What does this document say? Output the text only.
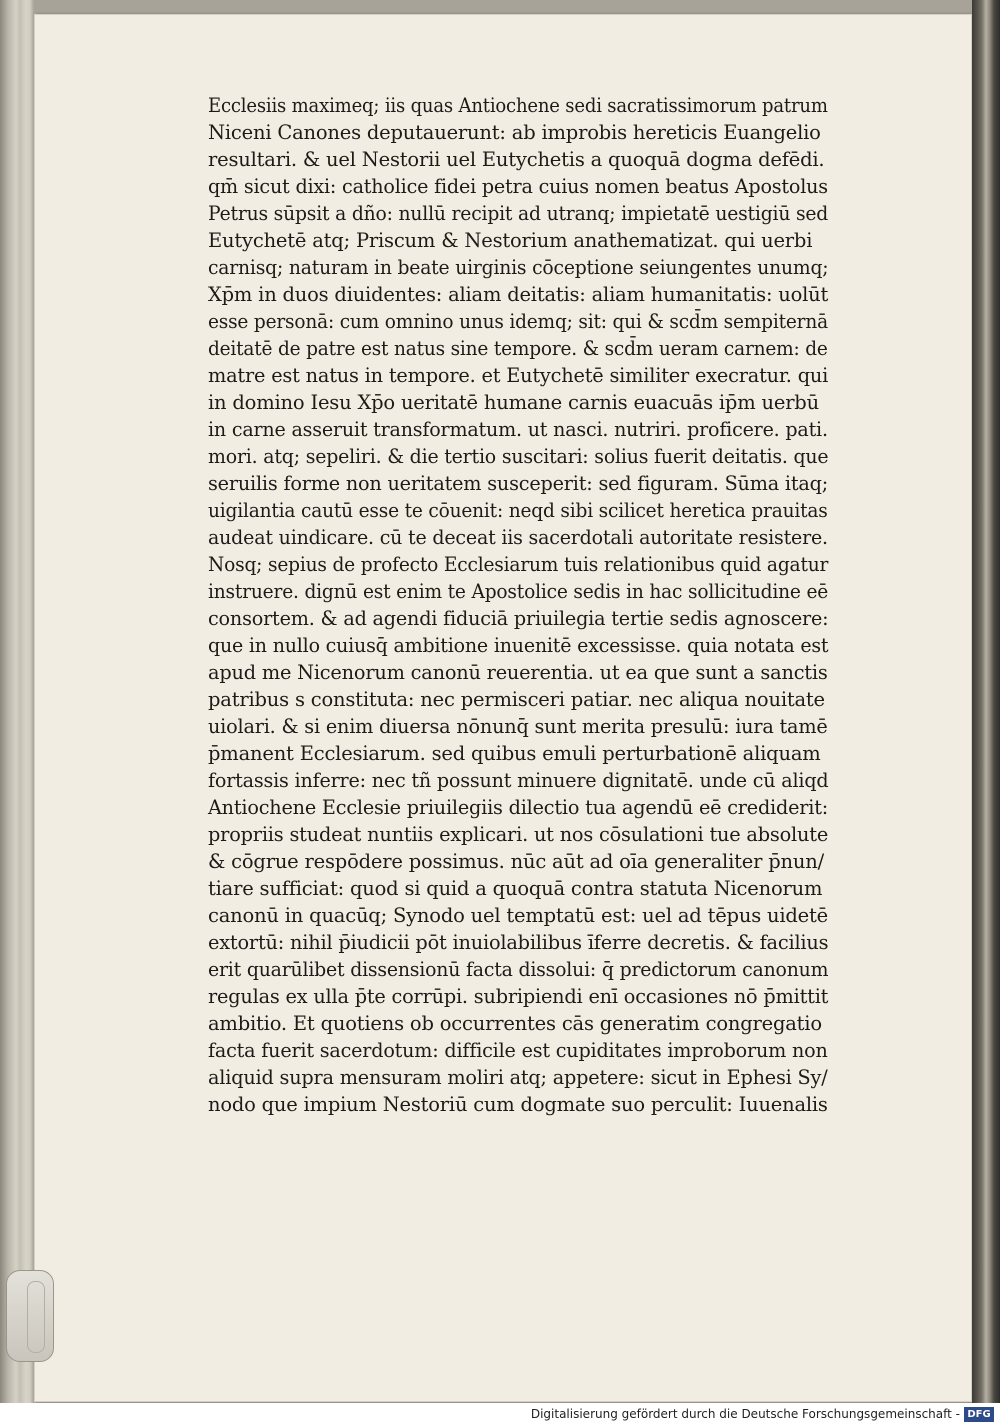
Ecclesiis maximeq; iis quas Antiochene sedi sacratissimorum patrum
Niceni Canones deputauerunt: ab improbis hereticis Euangelio
resultari. & uel Nestorii uel Eutychetis a quoquā dogma defēdi.
qm̄ sicut dixi: catholice fidei petra cuius nomen beatus Apostolus
Petrus sūpsit a dño: nullū recipit ad utranq; impietatē uestigiū sed
Eutychetē atq; Priscum & Nestorium anathematizat. qui uerbi
carnisq; naturam in beate uirginis cōceptione seiungentes unumq;
Xp̄m in duos diuidentes: aliam deitatis: aliam humanitatis: uolūt
esse personā: cum omnino unus idemq; sit: qui & scd̄m sempiternā
deitatē de patre est natus sine tempore. & scd̄m ueram carnem: de
matre est natus in tempore. et Eutychetē similiter execratur. qui
in domino Iesu Xp̄o ueritatē humane carnis euacuās ip̄m uerbū
in carne asseruit transformatum. ut nasci. nutriri. proficere. pati.
mori. atq; sepeliri. & die tertio suscitari: solius fuerit deitatis. que
seruilis forme non ueritatem susceperit: sed figuram. Sūma itaq;
uigilantia cautū esse te cōuenit: neqd sibi scilicet heretica prauitas
audeat uindicare. cū te deceat iis sacerdotali autoritate resistere.
Nosq; sepius de profecto Ecclesiarum tuis relationibus quid agatur
instruere. dignū est enim te Apostolice sedis in hac sollicitudine eē
consortem. & ad agendi fiduciā priuilegia tertie sedis agnoscere:
que in nullo cuiusq̄ ambitione inuenitē excessisse. quia notata est
apud me Nicenorum canonū reuerentia. ut ea que sunt a sanctis
patribus s constituta: nec permisceri patiar. nec aliqua nouitate
uiolari. & si enim diuersa nōnunq̄ sunt merita presulū: iura tamē
p̄manent Ecclesiarum. sed quibus emuli perturbationē aliquam
fortassis inferre: nec tñ possunt minuere dignitatē. unde cū aliqd
Antiochene Ecclesie priuilegiis dilectio tua agendū eē crediderit:
propriis studeat nuntiis explicari. ut nos cōsulationi tue absolute
& cōgrue respōdere possimus. nūc aūt ad oīa generaliter p̄nun/
tiare sufficiat: quod si quid a quoquā contra statuta Nicenorum
canonū in quacūq; Synodo uel temptatū est: uel ad tēpus uidetē
extortū: nihil p̄iudicii pōt inuiolabilibus īferre decretis. & facilius
erit quarūlibet dissensionū facta dissolui: q̄ predictorum canonum
regulas ex ulla p̄te corrūpi. subripiendi enī occasiones nō p̄mittit
ambitio. Et quotiens ob occurrentes cās generatim congregatio
facta fuerit sacerdotum: difficile est cupiditates improborum non
aliquid supra mensuram moliri atq; appetere: sicut in Ephesi Sy/
nodo que impium Nestoriū cum dogmate suo perculit: Iuuenalis
Digitalisierung gefördert durch die Deutsche Forschungsgemeinschaft - DFG
